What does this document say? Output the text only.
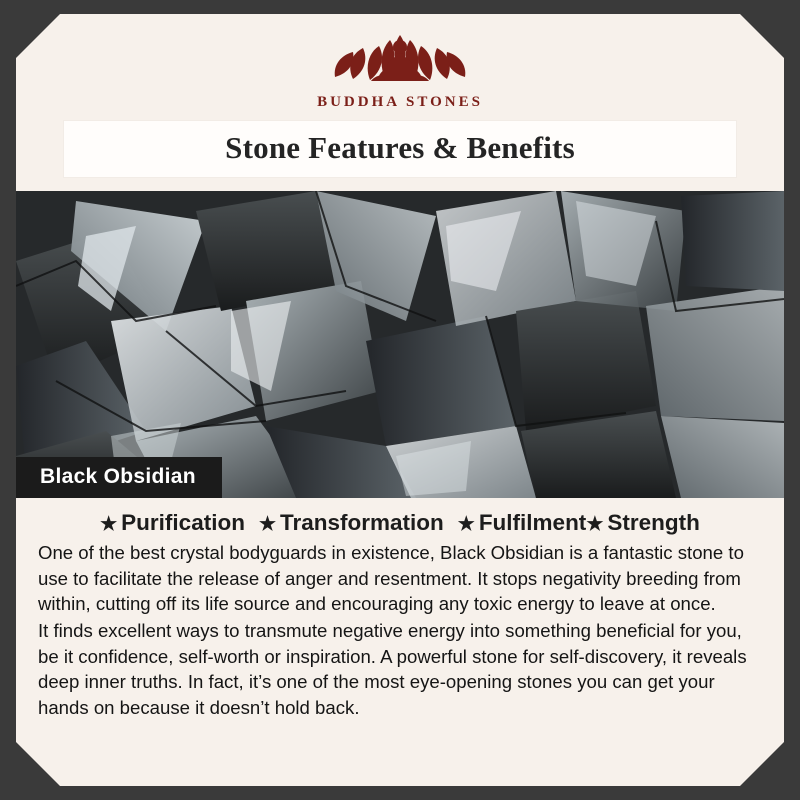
BUDDHA STONES
Stone Features & Benefits
Black Obsidian
★ Purification ★ Transformation ★ Fulfilment ★ Strength

One of the best crystal bodyguards in existence, Black Obsidian is a fantastic stone to use to facilitate the release of anger and resentment. It stops negativity breeding from within, cutting off its life source and encouraging any toxic energy to leave at once.

It finds excellent ways to transmute negative energy into something beneficial for you, be it confidence, self-worth or inspiration. A powerful stone for self-discovery, it reveals deep inner truths. In fact, it’s one of the most eye-opening stones you can get your hands on because it doesn’t hold back.
